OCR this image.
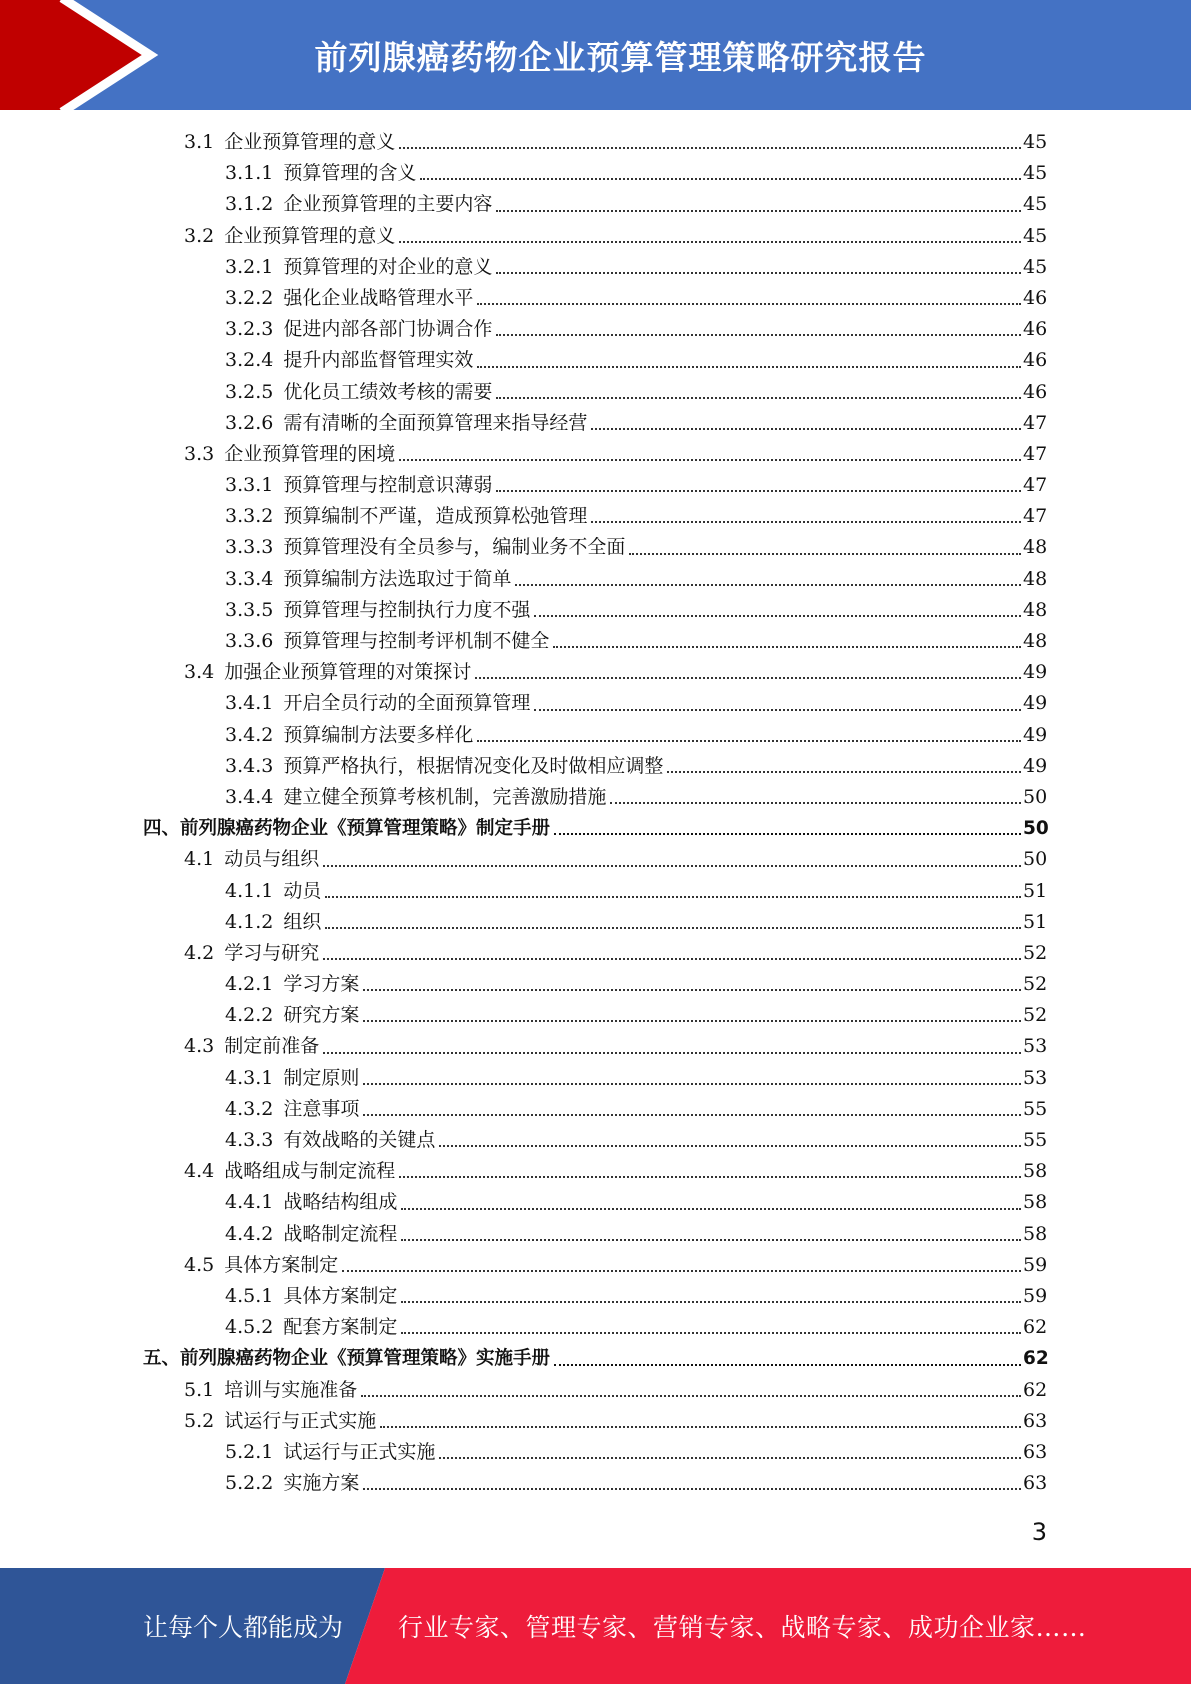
前列腺癌药物企业预算管理策略研究报告
3.1 企业预算管理的意义	45
3.1.1 预算管理的含义	45
3.1.2 企业预算管理的主要内容	45
3.2 企业预算管理的意义	45
3.2.1 预算管理的对企业的意义	45
3.2.2 强化企业战略管理水平	46
3.2.3 促进内部各部门协调合作	46
3.2.4 提升内部监督管理实效	46
3.2.5 优化员工绩效考核的需要	46
3.2.6 需有清晰的全面预算管理来指导经营	47
3.3 企业预算管理的困境	47
3.3.1 预算管理与控制意识薄弱	47
3.3.2 预算编制不严谨，造成预算松弛管理	47
3.3.3 预算管理没有全员参与，编制业务不全面	48
3.3.4 预算编制方法选取过于简单	48
3.3.5 预算管理与控制执行力度不强	48
3.3.6 预算管理与控制考评机制不健全	48
3.4 加强企业预算管理的对策探讨	49
3.4.1 开启全员行动的全面预算管理	49
3.4.2 预算编制方法要多样化	49
3.4.3 预算严格执行，根据情况变化及时做相应调整	49
3.4.4 建立健全预算考核机制，完善激励措施	50
四、前列腺癌药物企业《预算管理策略》制定手册	50
4.1 动员与组织	50
4.1.1 动员	51
4.1.2 组织	51
4.2 学习与研究	52
4.2.1 学习方案	52
4.2.2 研究方案	52
4.3 制定前准备	53
4.3.1 制定原则	53
4.3.2 注意事项	55
4.3.3 有效战略的关键点	55
4.4 战略组成与制定流程	58
4.4.1 战略结构组成	58
4.4.2 战略制定流程	58
4.5 具体方案制定	59
4.5.1 具体方案制定	59
4.5.2 配套方案制定	62
五、前列腺癌药物企业《预算管理策略》实施手册	62
5.1 培训与实施准备	62
5.2 试运行与正式实施	63
5.2.1 试运行与正式实施	63
5.2.2 实施方案	63
3
让每个人都能成为 行业专家、管理专家、营销专家、战略专家、成功企业家……
